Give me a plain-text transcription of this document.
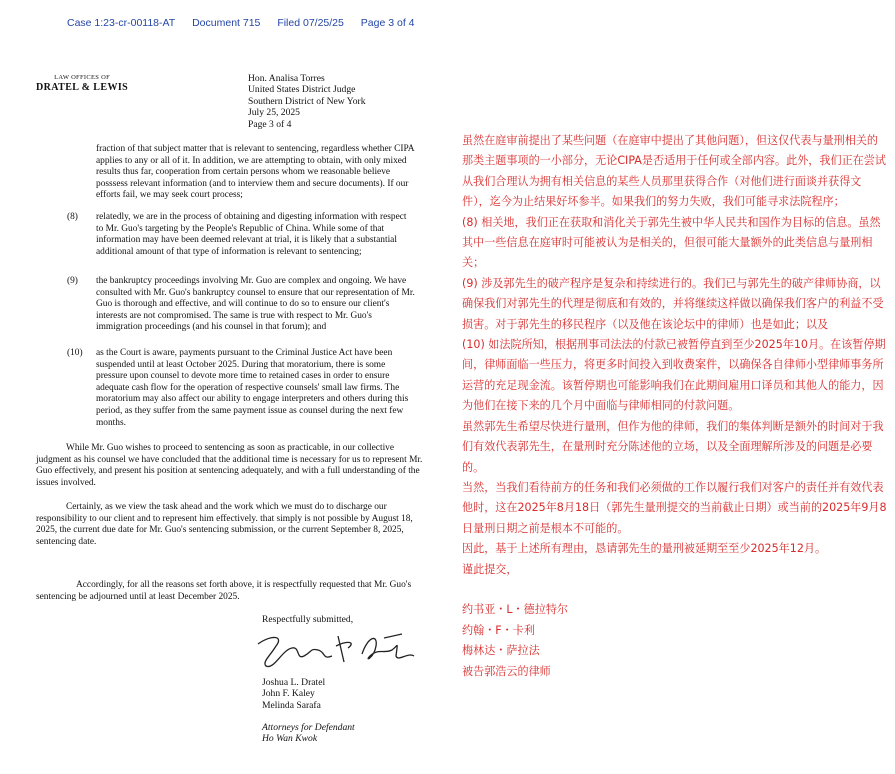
Case 1:23-cr-00118-AT Document 715 Filed 07/25/25 Page 3 of 4
LAW OFFICES OF
DRATEL & LEWIS
Hon. Analisa Torres
United States District Judge
Southern District of New York
July 25, 2025
Page 3 of 4
fraction of that subject matter that is relevant to sentencing, regardless whether CIPA applies to any or all of it. In addition, we are attempting to obtain, with only mixed results thus far, cooperation from certain persons whom we reasonable believe posssess relevant information (and to interview them and secure documents). If our efforts fail, we may seek court process;
(8) relatedly, we are in the process of obtaining and digesting information with respect to Mr. Guo's targeting by the People's Republic of China. While some of that information may have been deemed relevant at trial, it is likely that a substantial additional amount of that type of information is relevant to sentencing;
(9) the bankruptcy proceedings involving Mr. Guo are complex and ongoing. We have consulted with Mr. Guo's bankruptcy counsel to ensure that our representation of Mr. Guo is thorough and effective, and will continue to do so to ensure our client's interests are not compromised. The same is true with respect to Mr. Guo's immigration proceedings (and his counsel in that forum); and
(10) as the Court is aware, payments pursuant to the Criminal Justice Act have been suspended until at least October 2025. During that moratorium, there is some pressure upon counsel to devote more time to retained cases in order to ensure adequate cash flow for the operation of respective counsels' small law firms. The moratorium may also affect our ability to engage interpreters and others during this period, as they suffer from the same payment issue as counsel during the next few months.
While Mr. Guo wishes to proceed to sentencing as soon as practicable, in our collective judgment as his counsel we have concluded that the additional time is necessary for us to represent Mr. Guo effectively, and present his position at sentencing adequately, and with a full understanding of the issues involved.
Certainly, as we view the task ahead and the work which we must do to discharge our responsibility to our client and to represent him effectively. that simply is not possible by August 18, 2025, the current due date for Mr. Guo's sentencing submission, or the current September 8, 2025, sentencing date.
Accordingly, for all the reasons set forth above, it is respectfully requested that Mr. Guo's sentencing be adjourned until at least December 2025.
Respectfully submitted,
Joshua L. Dratel
John F. Kaley
Melinda Sarafa
Attorneys for Defendant
Ho Wan Kwok
虽然在庭审前提出了某些问题（在庭审中提出了其他问题），但这仅代表与量刑相关的那类主题事项的一小部分，无论CIPA是否适用于任何或全部内容。此外，我们正在尝试从我们合理认为拥有相关信息的某些人员那里获得合作（对他们进行面谈并获得文件），迄今为止结果好坏参半。如果我们的努力失败，我们可能寻求法院程序；
(8) 相关地，我们正在获取和消化关于郭先生被中华人民共和国作为目标的信息。虽然其中一些信息在庭审时可能被认为是相关的，但很可能大量额外的此类信息与量刑相关；
(9) 涉及郭先生的破产程序是复杂和持续进行的。我们已与郭先生的破产律师协商，以确保我们对郭先生的代理是彻底和有效的，并将继续这样做以确保我们客户的利益不受损害。对于郭先生的移民程序（以及他在该论坛中的律师）也是如此；以及
(10) 如法院所知，根据刑事司法法的付款已被暂停直到至少2025年10月。在该暂停期间，律师面临一些压力，将更多时间投入到收费案件，以确保各自律师小型律师事务所运营的充足现金流。该暂停期也可能影响我们在此期间雇用口译员和其他人的能力，因为他们在接下来的几个月中面临与律师相同的付款问题。
虽然郭先生希望尽快进行量刑，但作为他的律师，我们的集体判断是额外的时间对于我们有效代表郭先生，在量刑时充分陈述他的立场，以及全面理解所涉及的问题是必要的。
当然，当我们看待前方的任务和我们必须做的工作以履行我们对客户的责任并有效代表他时，这在2025年8月18日（郭先生量刑提交的当前截止日期）或当前的2025年9月8日量刑日期之前是根本不可能的。
因此，基于上述所有理由，恳请郭先生的量刑被延期至至少2025年12月。
谨此提交，
约书亚・L・德拉特尔
约翰・F・卡利
梅林达・萨拉法
被告郭浩云的律师
